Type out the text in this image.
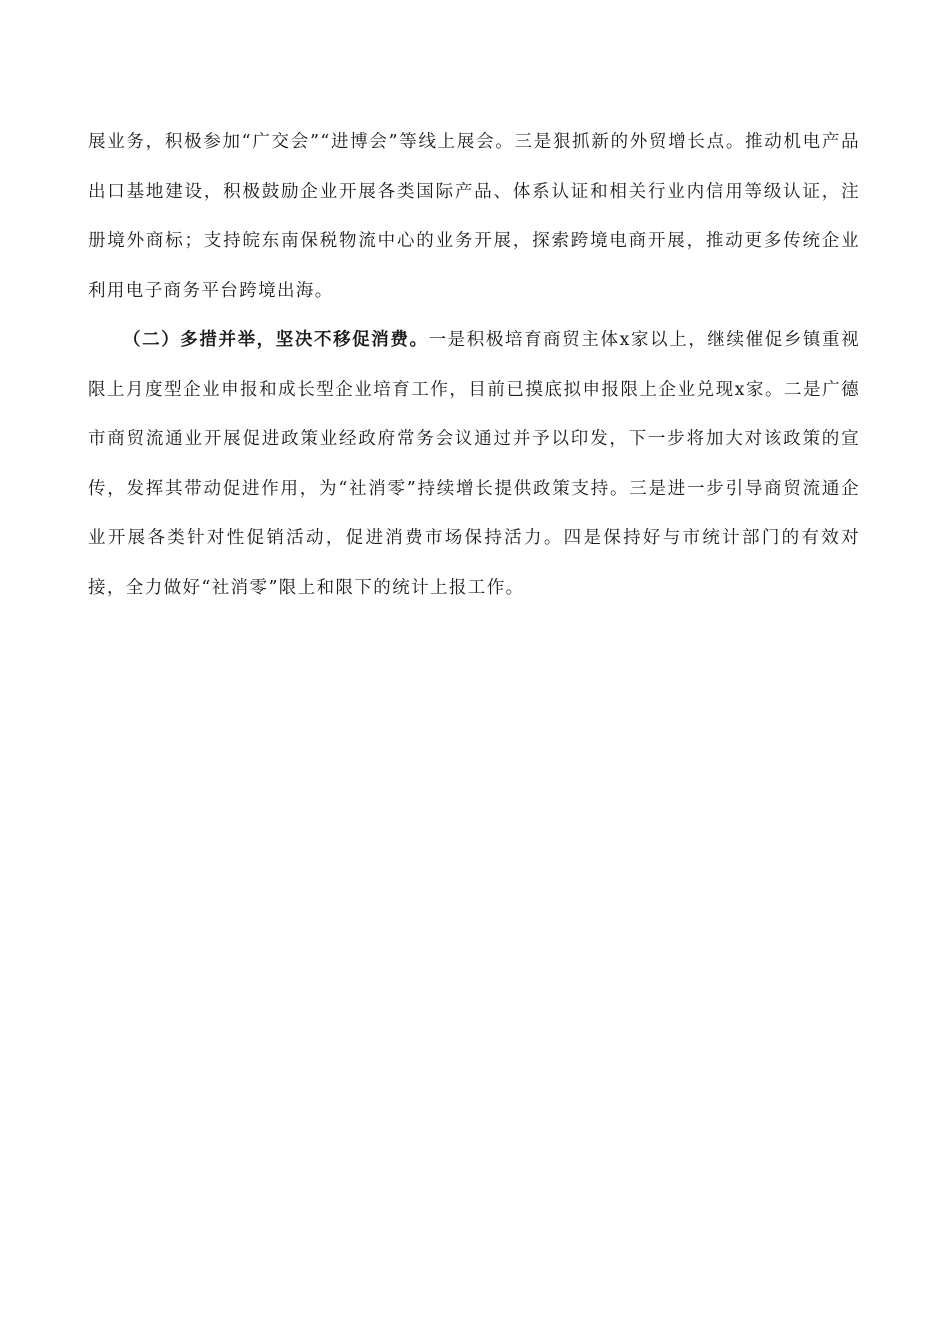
展业务，积极参加“广交会”“进博会”等线上展会。三是狠抓新的外贸增长点。推动机电产品出口基地建设，积极鼓励企业开展各类国际产品、体系认证和相关行业内信用等级认证，注册境外商标；支持皖东南保税物流中心的业务开展，探索跨境电商开展，推动更多传统企业利用电子商务平台跨境出海。

（二）多措并举，坚决不移促消费。一是积极培育商贸主体x家以上，继续催促乡镇重视限上月度型企业申报和成长型企业培育工作，目前已摸底拟申报限上企业兑现x家。二是广德市商贸流通业开展促进政策业经政府常务会议通过并予以印发，下一步将加大对该政策的宣传，发挥其带动促进作用，为“社消零”持续增长提供政策支持。三是进一步引导商贸流通企业开展各类针对性促销活动，促进消费市场保持活力。四是保持好与市统计部门的有效对接，全力做好“社消零”限上和限下的统计上报工作。
